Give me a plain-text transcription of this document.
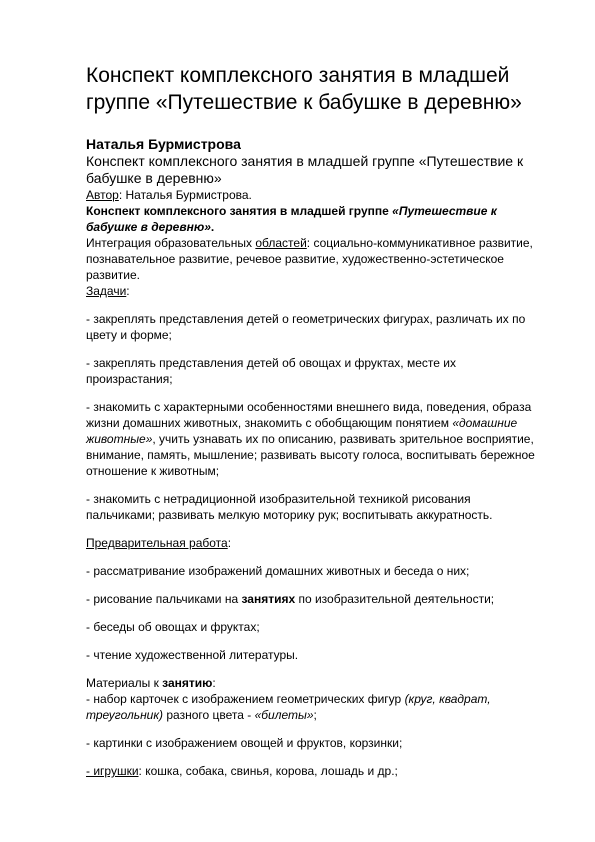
Конспект комплексного занятия в младшей группе «Путешествие к бабушке в деревню»

Наталья Бурмистрова

Конспект комплексного занятия в младшей группе «Путешествие к бабушке в деревню»

Автор: Наталья Бурмистрова.

Конспект комплексного занятия в младшей группе «Путешествие к бабушке в деревню».

Интеграция образовательных областей: социально-коммуникативное развитие, познавательное развитие, речевое развитие, художественно-эстетическое развитие.

Задачи:

- закреплять представления детей о геометрических фигурах, различать их по цвету и форме;

- закреплять представления детей об овощах и фруктах, месте их произрастания;

- знакомить с характерными особенностями внешнего вида, поведения, образа жизни домашних животных, знакомить с обобщающим понятием «домашние животные», учить узнавать их по описанию, развивать зрительное восприятие, внимание, память, мышление; развивать высоту голоса, воспитывать бережное отношение к животным;

- знакомить с нетрадиционной изобразительной техникой рисования пальчиками; развивать мелкую моторику рук; воспитывать аккуратность.

Предварительная работа:

- рассматривание изображений домашних животных и беседа о них;

- рисование пальчиками на занятиях по изобразительной деятельности;

- беседы об овощах и фруктах;

- чтение художественной литературы.

Материалы к занятию:

- набор карточек с изображением геометрических фигур (круг, квадрат, треугольник) разного цвета - «билеты»;

- картинки с изображением овощей и фруктов, корзинки;

- игрушки: кошка, собака, свинья, корова, лошадь и др.;
